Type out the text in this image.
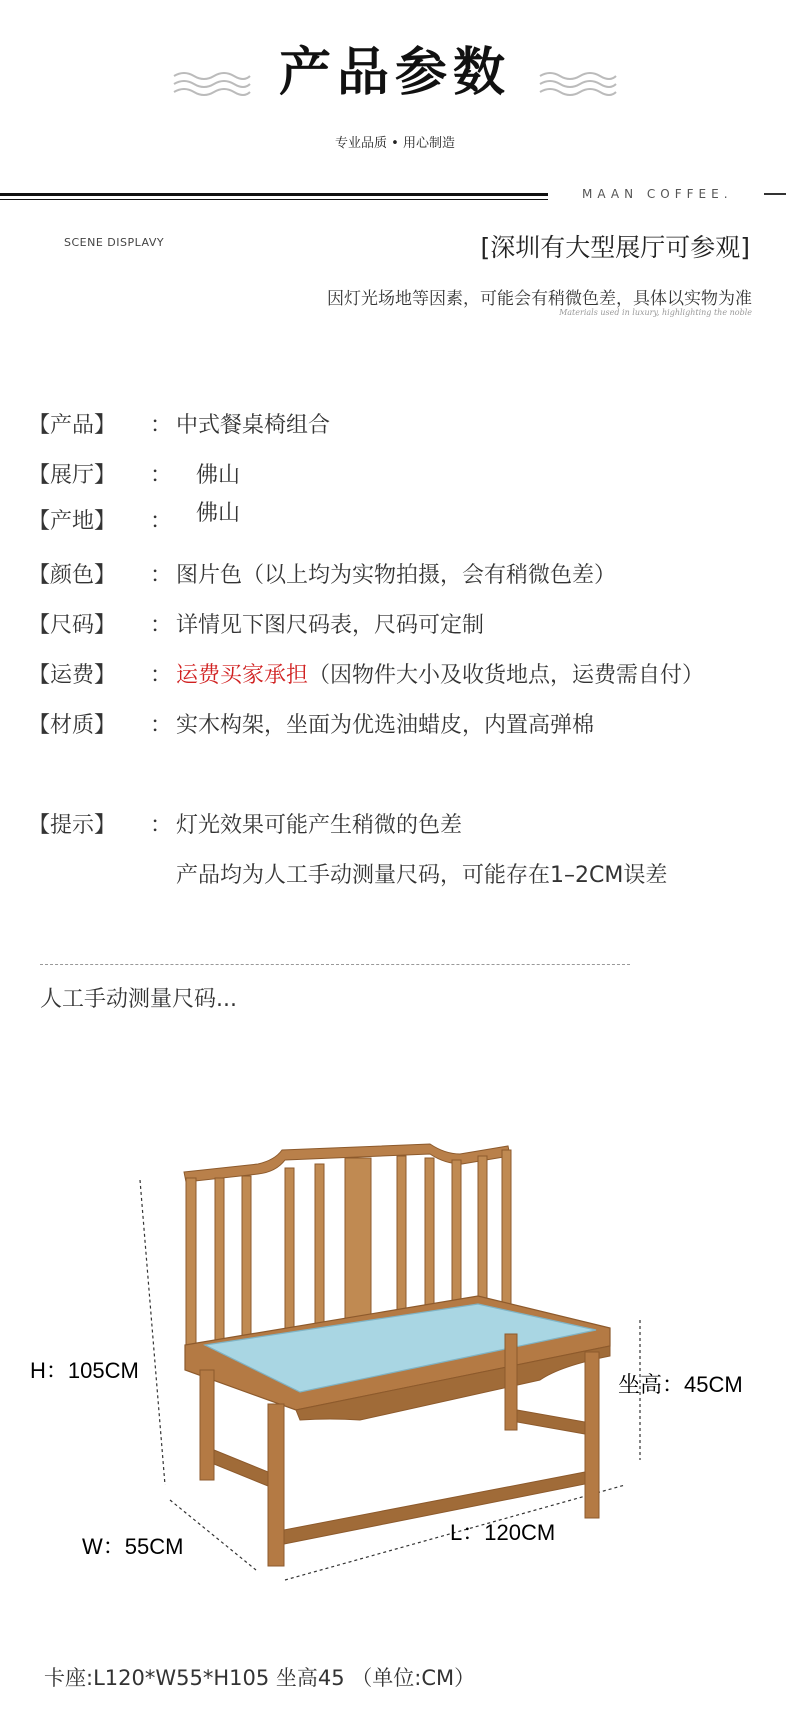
产品参数
专业品质 • 用心制造
MAAN COFFEE.
SCENE DISPLAVY	[深圳有大型展厅可参观]
因灯光场地等因素，可能会有稍微色差，具体以实物为准
Materials used in luxury, highlighting the noble
【产品】 ： 中式餐桌椅组合
【展厅】 ： 佛山
【产地】 ： 佛山
【颜色】 ： 图片色（以上均为实物拍摄，会有稍微色差）
【尺码】 ： 详情见下图尺码表，尺码可定制
【运费】 ： 运费买家承担（因物件大小及收货地点，运费需自付）
【材质】 ： 实木构架，坐面为优选油蜡皮，内置高弹棉
【提示】 ： 灯光效果可能产生稍微的色差
产品均为人工手动测量尺码，可能存在1–2CM误差
人工手动测量尺码...
H：105CM
坐高：45CM
W：55CM
L：120CM
卡座:L120*W55*H105 坐高45 （单位:CM）
